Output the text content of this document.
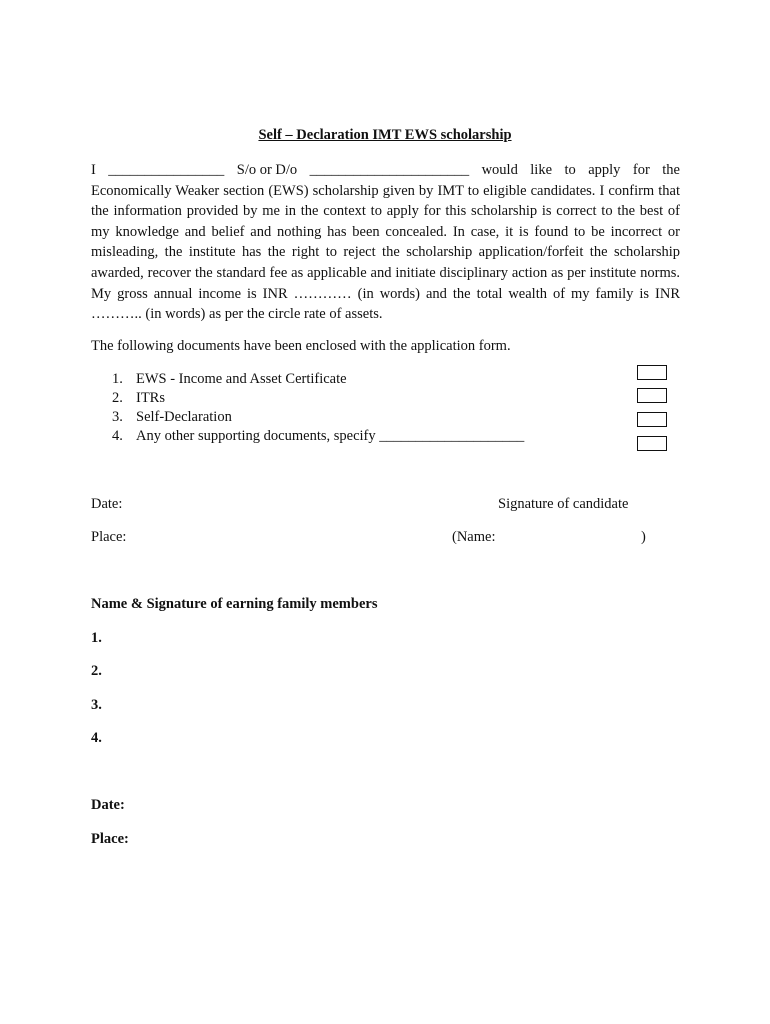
Self – Declaration IMT EWS scholarship
I ________________ S/o or D/o ______________________ would like to apply for the
Economically Weaker section (EWS) scholarship given by IMT to eligible candidates. I confirm that the information provided by me in the context to apply for this scholarship is correct to the best of my knowledge and belief and nothing has been concealed. In case, it is found to be incorrect or misleading, the institute has the right to reject the scholarship application/forfeit the scholarship awarded, recover the standard fee as applicable and initiate disciplinary action as per institute norms. My gross annual income is INR ………… (in words) and the total wealth of my family is INR ……….. (in words) as per the circle rate of assets.
The following documents have been enclosed with the application form.
1. EWS - Income and Asset Certificate
2. ITRs
3. Self-Declaration
4. Any other supporting documents, specify ____________________
Date:	Signature of candidate
Place:	(Name:	)
Name & Signature of earning family members
1.
2.
3.
4.
Date:
Place:
